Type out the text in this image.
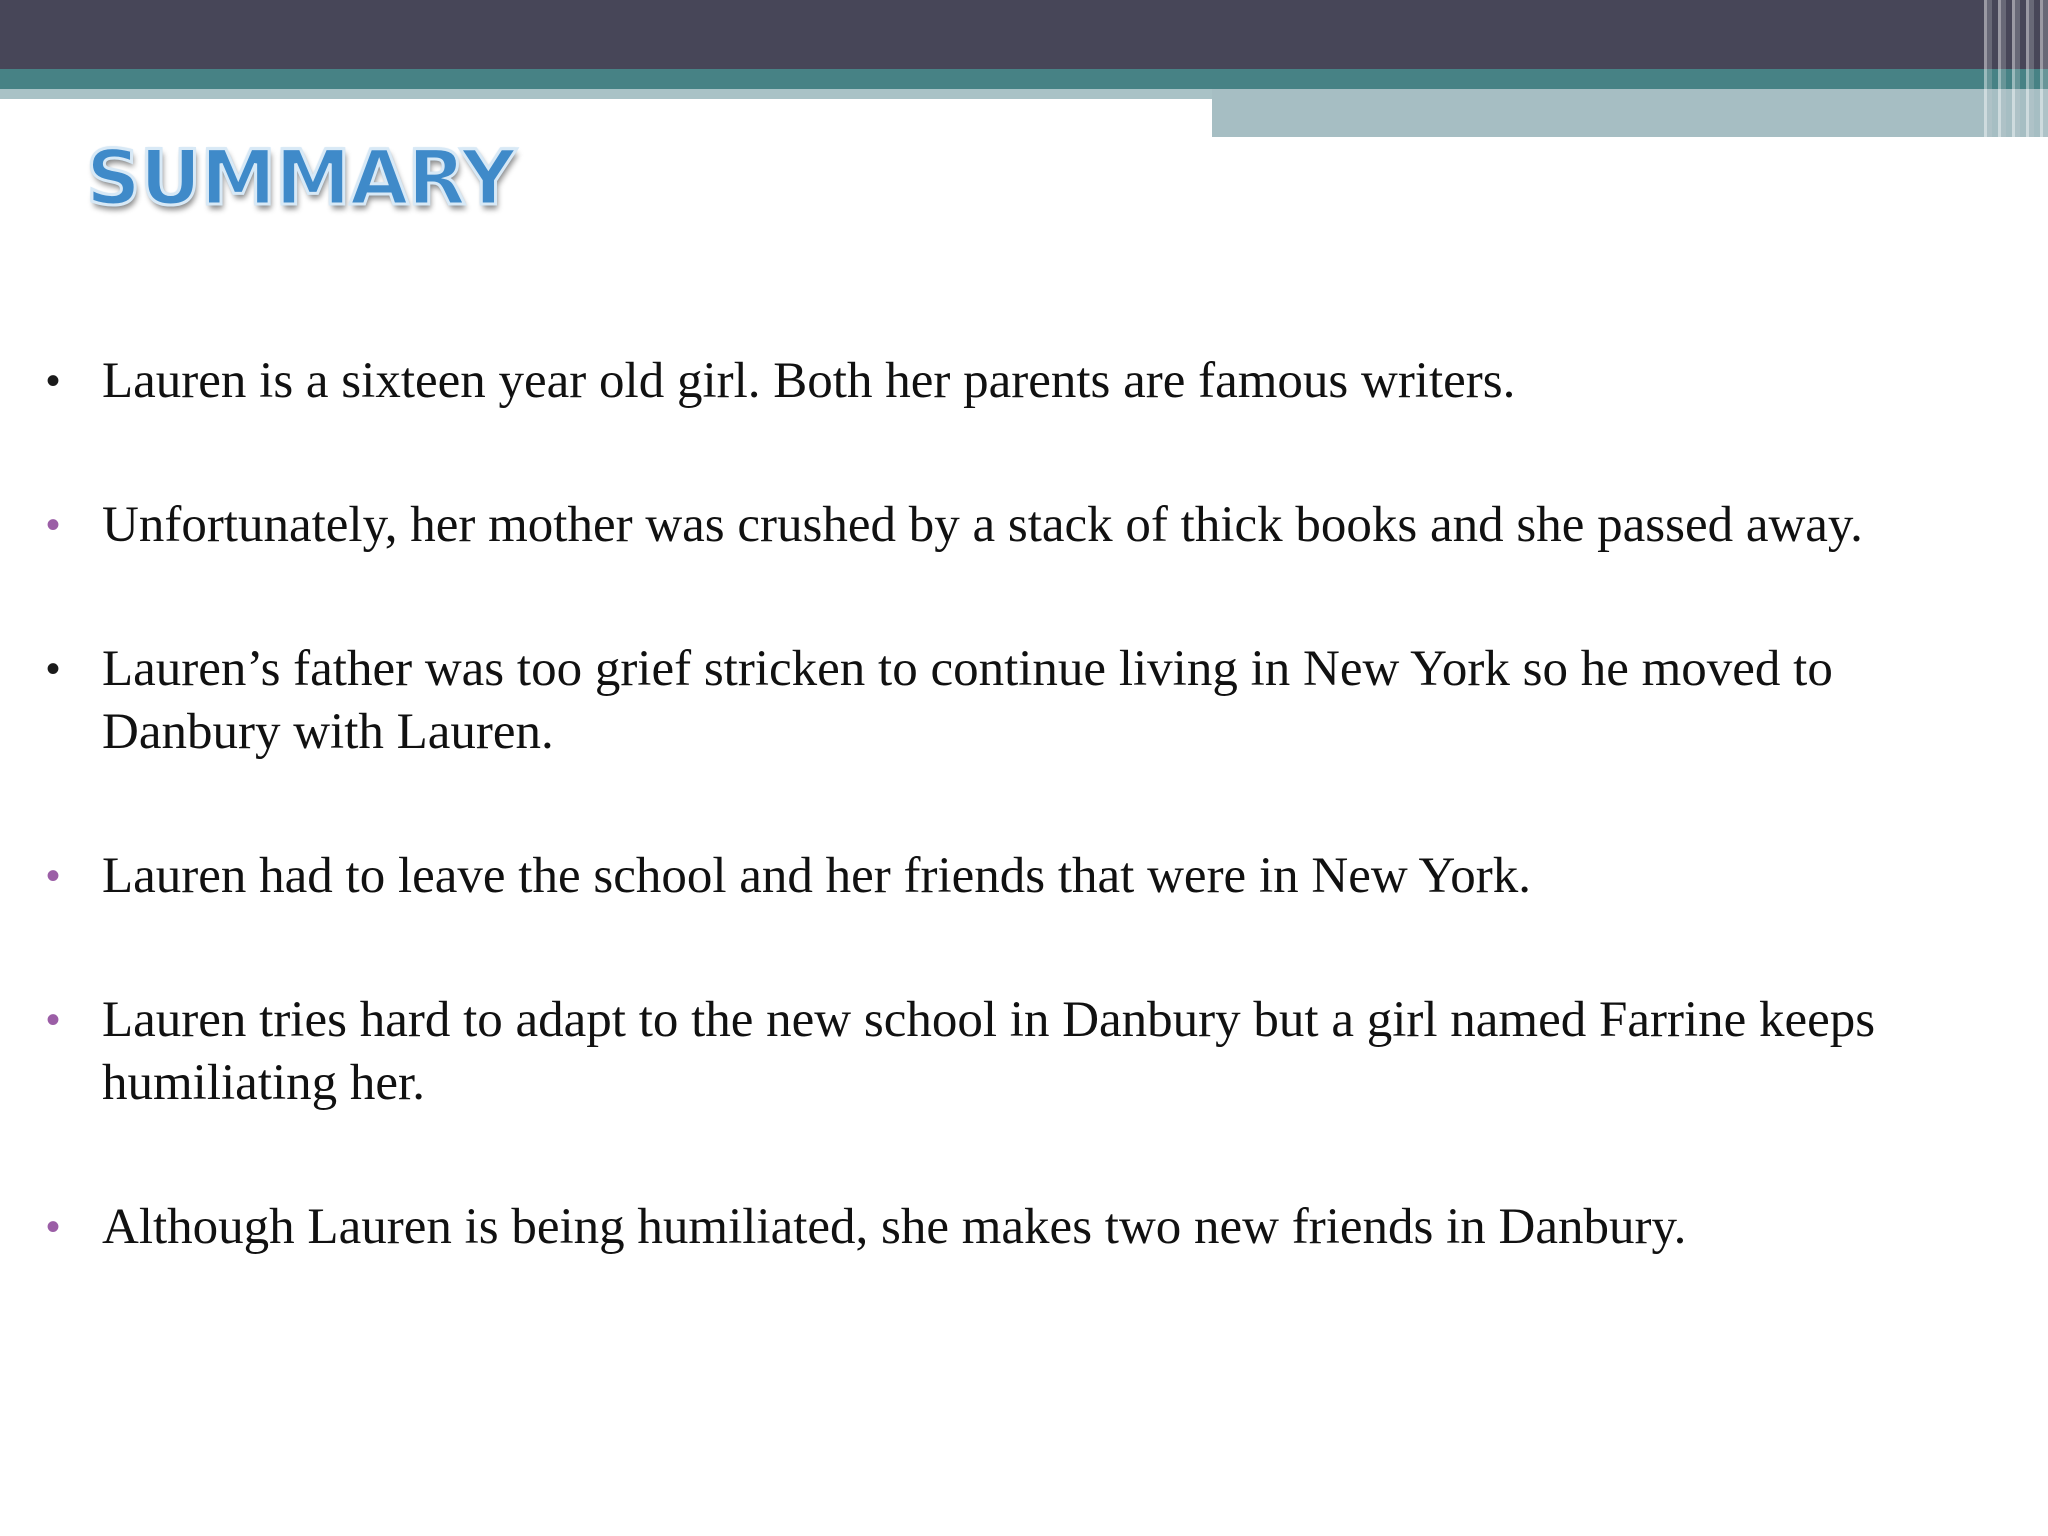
SUMMARY
• Lauren is a sixteen year old girl. Both her parents are famous writers.
• Unfortunately, her mother was crushed by a stack of thick books and she passed away.
• Lauren’s father was too grief stricken to continue living in New York so he moved to Danbury with Lauren.
• Lauren had to leave the school and her friends that were in New York.
• Lauren tries hard to adapt to the new school in Danbury but a girl named Farrine keeps humiliating her.
• Although Lauren is being humiliated, she makes two new friends in Danbury.
